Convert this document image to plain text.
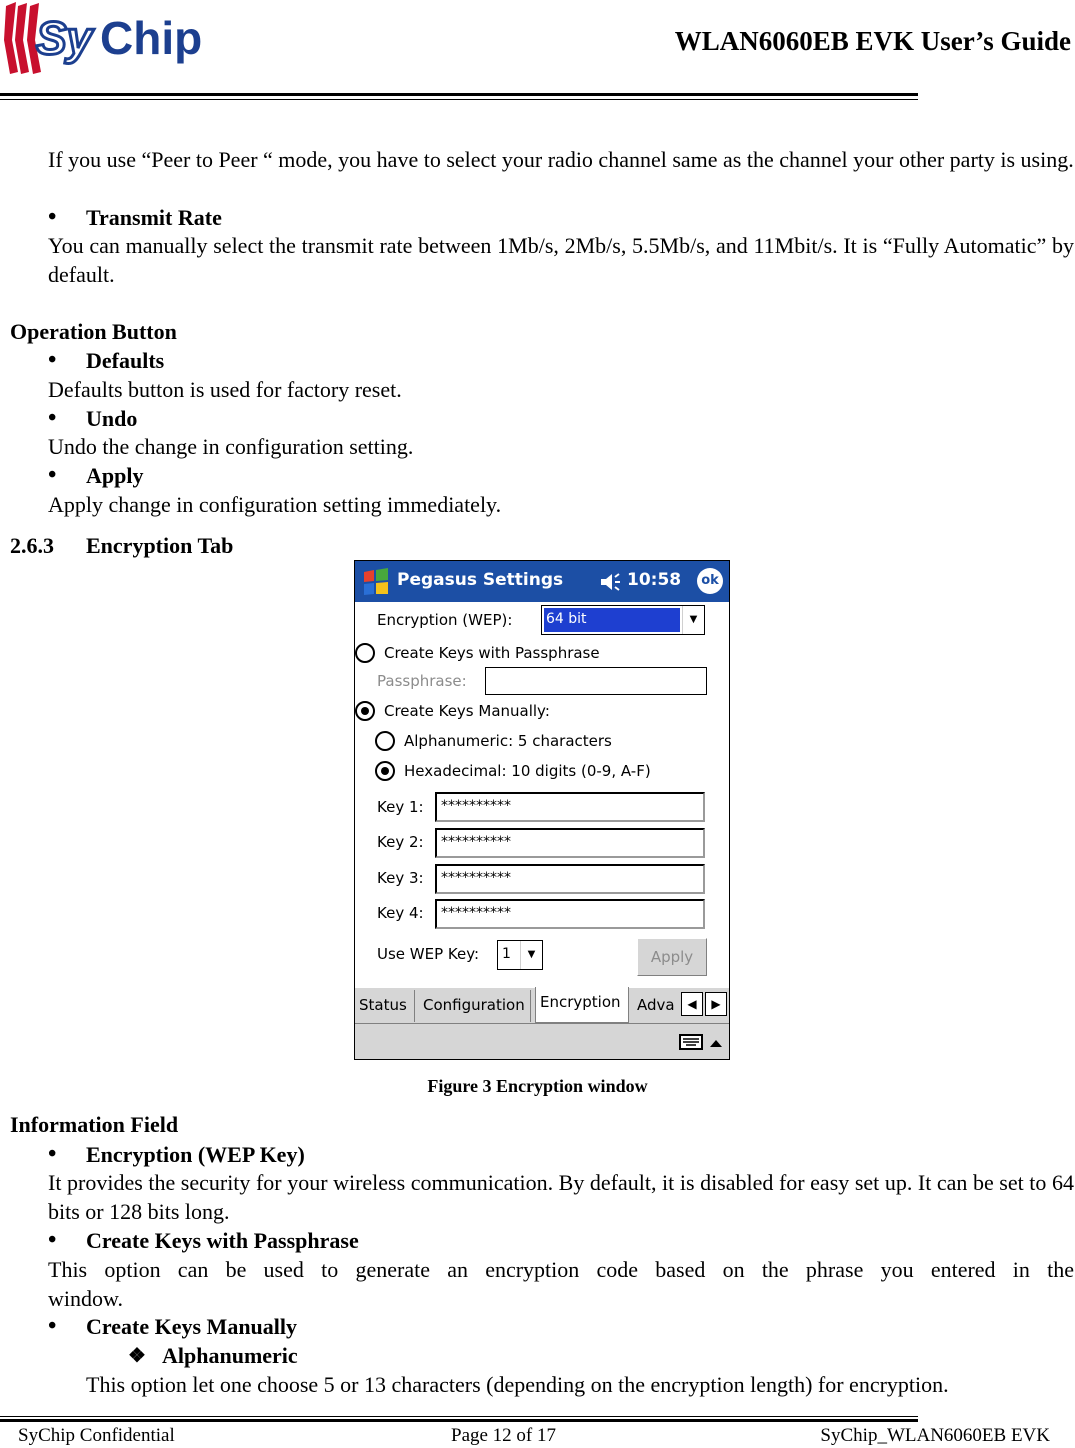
Sy Chip	WLAN6060EB EVK User’s Guide
If you use “Peer to Peer “ mode, you have to select your radio channel same as the channel your other party is using.
• Transmit Rate
You can manually select the transmit rate between 1Mb/s, 2Mb/s, 5.5Mb/s, and 11Mbit/s. It is “Fully Automatic” by default.
Operation Button
• Defaults
Defaults button is used for factory reset.
• Undo
Undo the change in configuration setting.
• Apply
Apply change in configuration setting immediately.
2.6.3 Encryption Tab
Pegasus Settings	10:58	ok
Encryption (WEP): 64 bit	▼
Create Keys with Passphrase
Passphrase:
Create Keys Manually:
Alphanumeric: 5 characters
Hexadecimal: 10 digits (0-9, A-F)
Key 1:	**********
Key 2:	**********
Key 3:	**********
Key 4:	**********
Use WEP Key: 1	▼	Apply
Status	Configuration	Encryption	Adva	◀	▶
Figure 3 Encryption window
Information Field
• Encryption (WEP Key)
It provides the security for your wireless communication. By default, it is disabled for easy set up. It can be set to 64 bits or 128 bits long.
• Create Keys with Passphrase
This option can be used to generate an encryption code based on the phrase you entered in the
window.
• Create Keys Manually
❖ Alphanumeric
This option let one choose 5 or 13 characters (depending on the encryption length) for encryption.
SyChip Confidential	Page 12 of 17	SyChip_WLAN6060EB EVK
